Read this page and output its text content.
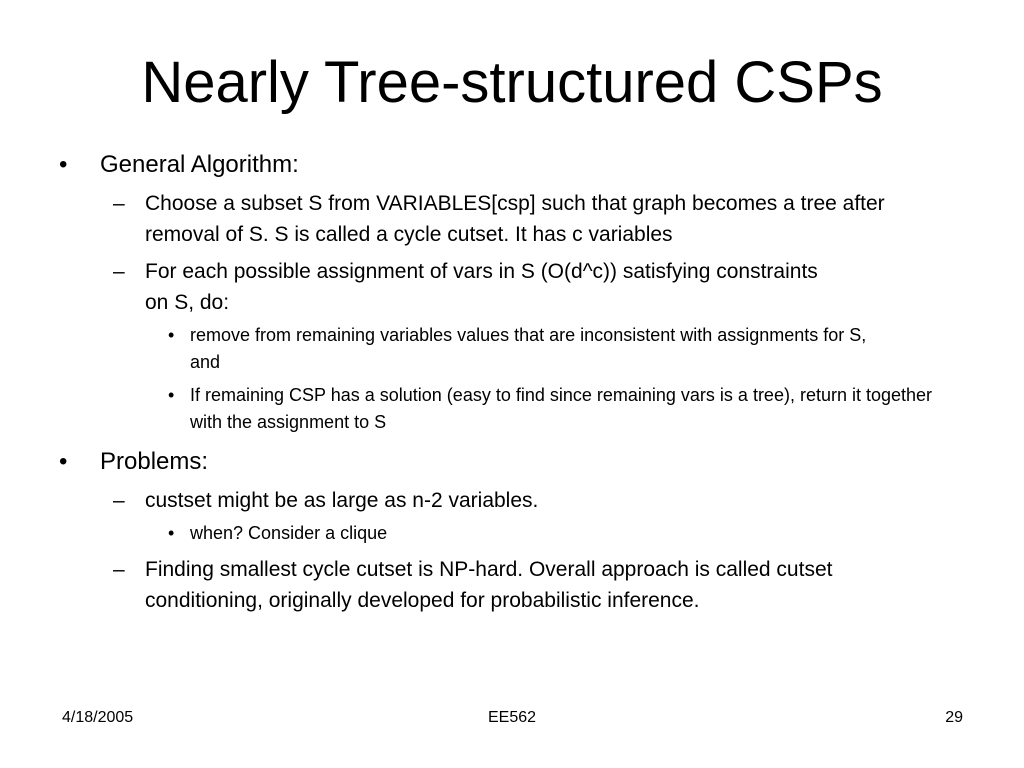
Nearly Tree-structured CSPs
• General Algorithm:
– Choose a subset S from VARIABLES[csp] such that graph becomes a tree after removal of S. S is called a cycle cutset. It has c variables
– For each possible assignment of vars in S (O(d^c)) satisfying constraints on S, do:
• remove from remaining variables values that are inconsistent with assignments for S, and
• If remaining CSP has a solution (easy to find since remaining vars is a tree), return it together with the assignment to S
• Problems:
– custset might be as large as n-2 variables.
• when? Consider a clique
– Finding smallest cycle cutset is NP-hard. Overall approach is called cutset conditioning, originally developed for probabilistic inference.
4/18/2005	EE562	29
